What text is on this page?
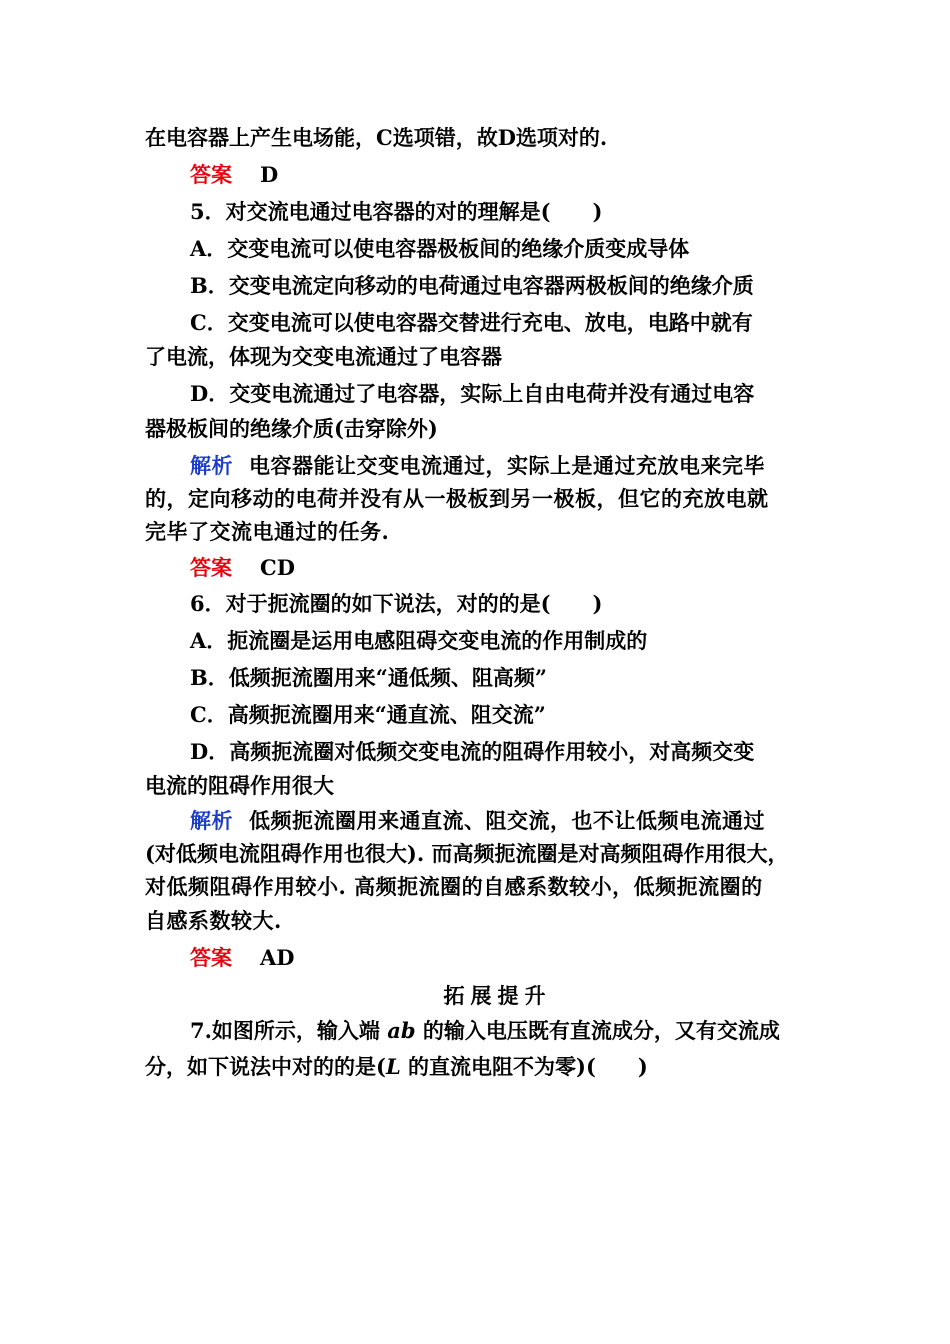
在电容器上产生电场能，C选项错，故D选项对的.
答案 D
5．对交流电通过电容器的对的理解是(　　)
A．交变电流可以使电容器极板间的绝缘介质变成导体
B．交变电流定向移动的电荷通过电容器两极板间的绝缘介质
C．交变电流可以使电容器交替进行充电、放电，电路中就有
了电流，体现为交变电流通过了电容器
D．交变电流通过了电容器，实际上自由电荷并没有通过电容
器极板间的绝缘介质(击穿除外)
解析 电容器能让交变电流通过，实际上是通过充放电来完毕
的，定向移动的电荷并没有从一极板到另一极板，但它的充放电就
完毕了交流电通过的任务.
答案 CD
6．对于扼流圈的如下说法，对的的是(　　)
A．扼流圈是运用电感阻碍交变电流的作用制成的
B．低频扼流圈用来“通低频、阻高频”
C．高频扼流圈用来“通直流、阻交流”
D．高频扼流圈对低频交变电流的阻碍作用较小，对高频交变
电流的阻碍作用很大
解析 低频扼流圈用来通直流、阻交流，也不让低频电流通过
(对低频电流阻碍作用也很大). 而高频扼流圈是对高频阻碍作用很大，
对低频阻碍作用较小. 高频扼流圈的自感系数较小，低频扼流圈的
自感系数较大.
答案 AD
拓展提升
7.如图所示，输入端 ab 的输入电压既有直流成分，又有交流成
分，如下说法中对的的是(L 的直流电阻不为零)(　　)
